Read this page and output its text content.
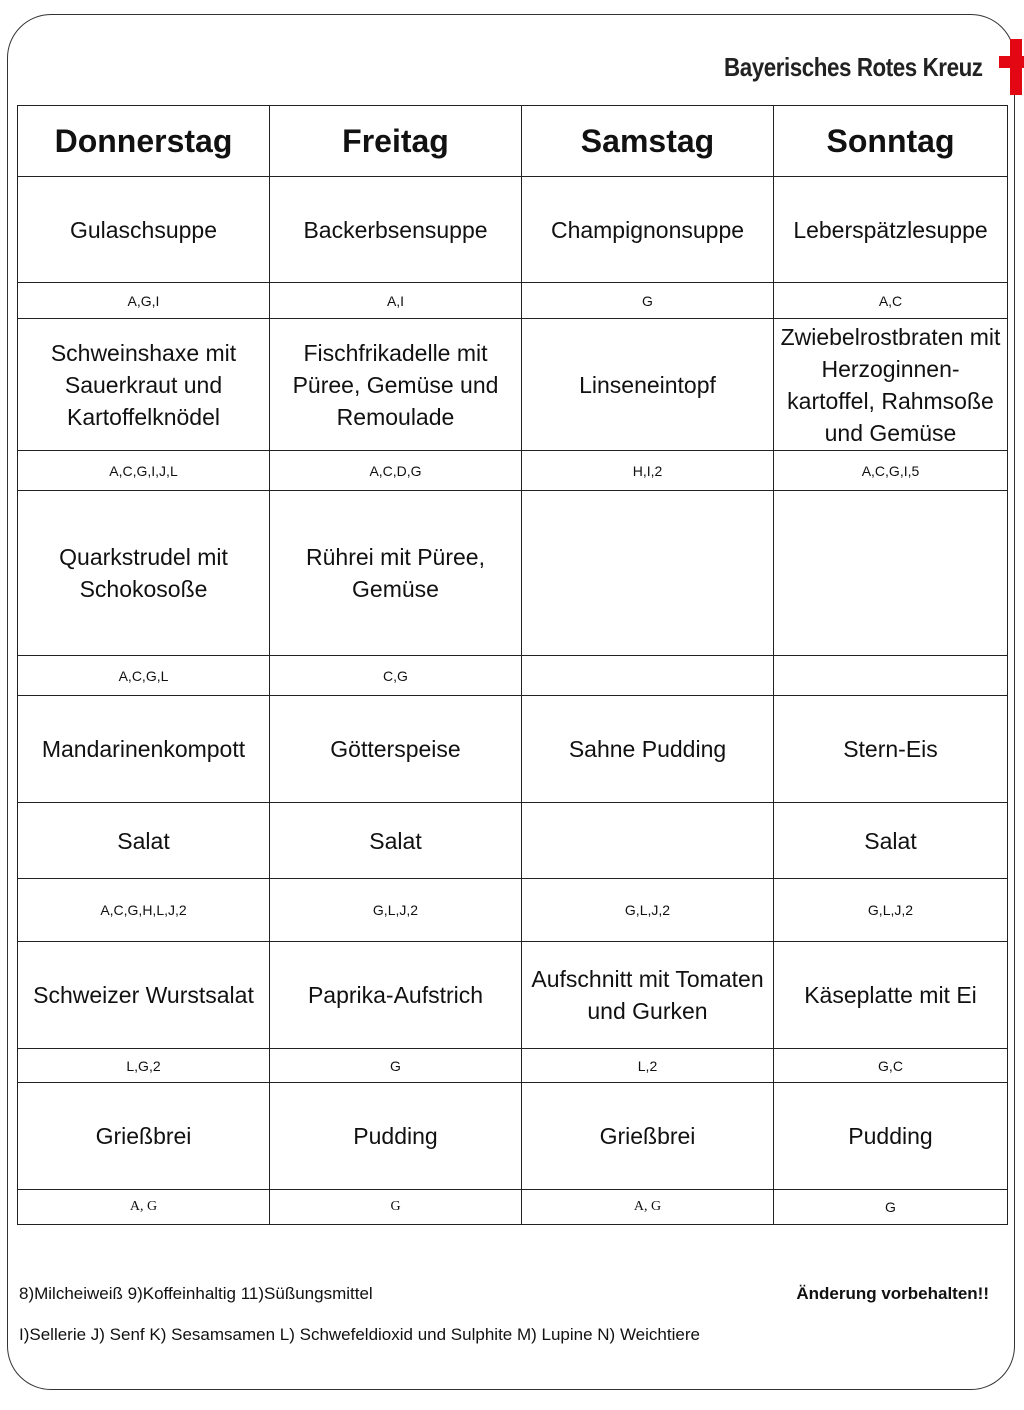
Bayerisches Rotes Kreuz
Donnerstag	Freitag	Samstag	Sonntag
Gulaschsuppe	Backerbsensuppe	Champignonsuppe	Leberspätzlesuppe
A,G,I	A,I	G	A,C
Schweinshaxe mit Sauerkraut und Kartoffelknödel	Fischfrikadelle mit Püree, Gemüse und Remoulade	Linseneintopf	Zwiebelrostbraten mit Herzoginnen-kartoffel, Rahmsoße und Gemüse
A,C,G,I,J,L	A,C,D,G	H,I,2	A,C,G,I,5
Quarkstrudel mit Schokosoße	Rührei mit Püree, Gemüse		
A,C,G,L	C,G		
Mandarinenkompott	Götterspeise	Sahne Pudding	Stern-Eis
Salat	Salat		Salat
A,C,G,H,L,J,2	G,L,J,2	G,L,J,2	G,L,J,2
Schweizer Wurstsalat	Paprika-Aufstrich	Aufschnitt mit Tomaten und Gurken	Käseplatte mit Ei
L,G,2	G	L,2	G,C
Grießbrei	Pudding	Grießbrei	Pudding
A, G	G	A, G	G
8)Milcheiweiß 9)Koffeinhaltig 11)Süßungsmittel	Änderung vorbehalten!!
I)Sellerie J) Senf K) Sesamsamen L) Schwefeldioxid und Sulphite M) Lupine N) Weichtiere
